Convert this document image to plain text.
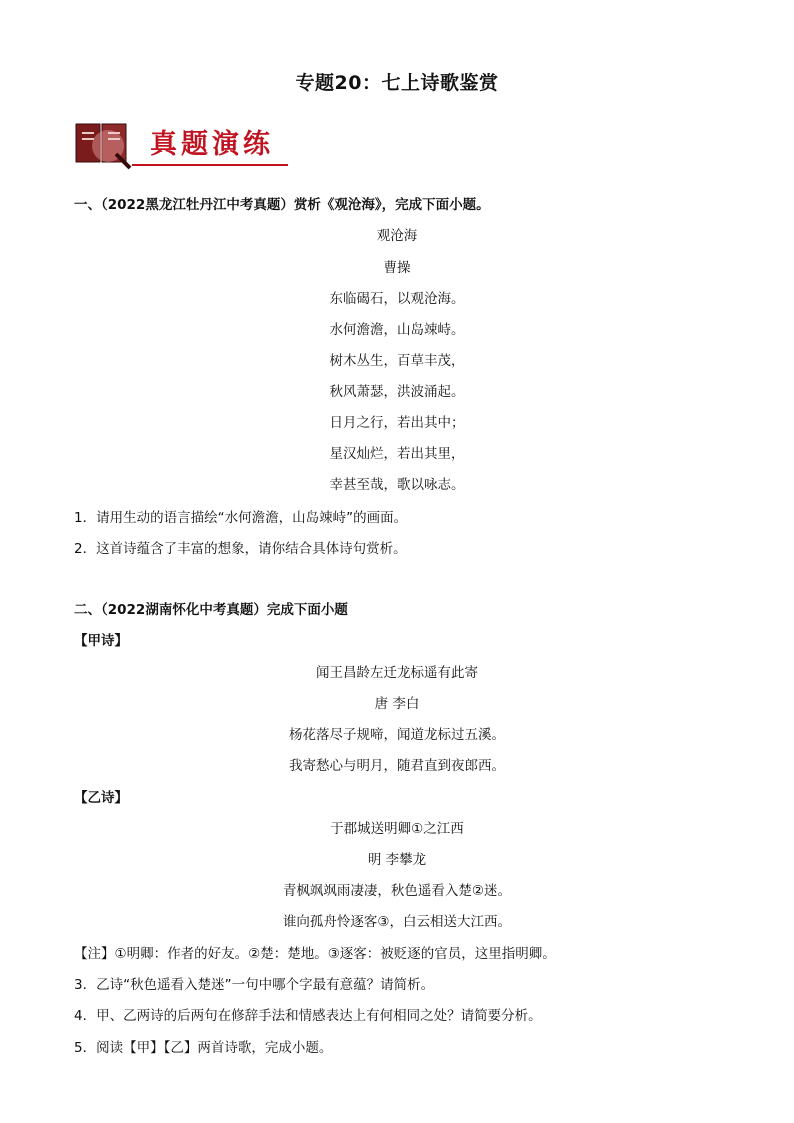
专题20：七上诗歌鉴赏
真题演练
一、（2022黑龙江牡丹江中考真题）赏析《观沧海》，完成下面小题。
观沧海
曹操
东临碣石，以观沧海。
水何澹澹，山岛竦峙。
树木丛生，百草丰茂，
秋风萧瑟，洪波涌起。
日月之行，若出其中；
星汉灿烂，若出其里，
幸甚至哉，歌以咏志。
1．请用生动的语言描绘“水何澹澹，山岛竦峙”的画面。
2．这首诗蕴含了丰富的想象，请你结合具体诗句赏析。
二、（2022湖南怀化中考真题）完成下面小题
【甲诗】
闻王昌龄左迁龙标遥有此寄
唐 李白
杨花落尽子规啼，闻道龙标过五溪。
我寄愁心与明月，随君直到夜郎西。
【乙诗】
于郡城送明卿①之江西
明 李攀龙
青枫飒飒雨凄凄，秋色遥看入楚②迷。
谁向孤舟怜逐客③，白云相送大江西。
【注】①明卿：作者的好友。②楚：楚地。③逐客：被贬逐的官员，这里指明卿。
3．乙诗“秋色遥看入楚迷”一句中哪个字最有意蕴？请简析。
4．甲、乙两诗的后两句在修辞手法和情感表达上有何相同之处？请简要分析。
5．阅读【甲】【乙】两首诗歌，完成小题。
